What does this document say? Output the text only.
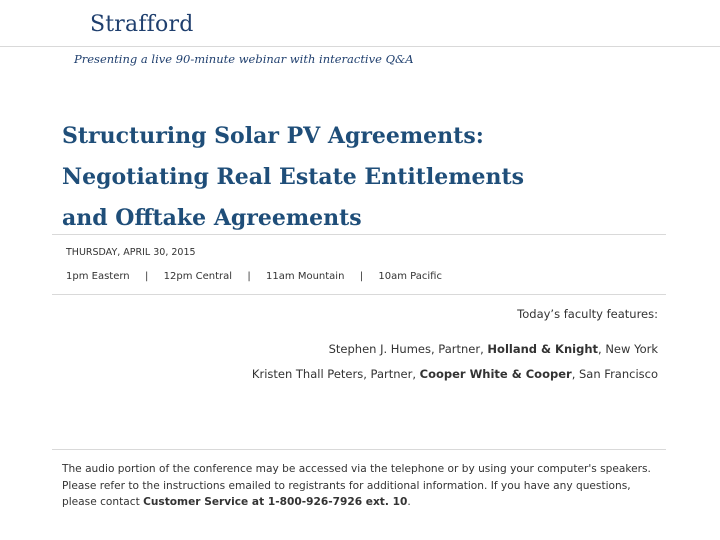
Strafford
Presenting a live 90-minute webinar with interactive Q&A
Structuring Solar PV Agreements:
Negotiating Real Estate Entitlements
and Offtake Agreements
THURSDAY, APRIL 30, 2015
1pm Eastern | 12pm Central | 11am Mountain | 10am Pacific
Today’s faculty features:
Stephen J. Humes, Partner, Holland & Knight, New York
Kristen Thall Peters, Partner, Cooper White & Cooper, San Francisco
The audio portion of the conference may be accessed via the telephone or by using your computer's speakers. Please refer to the instructions emailed to registrants for additional information. If you have any questions, please contact Customer Service at 1-800-926-7926 ext. 10.
